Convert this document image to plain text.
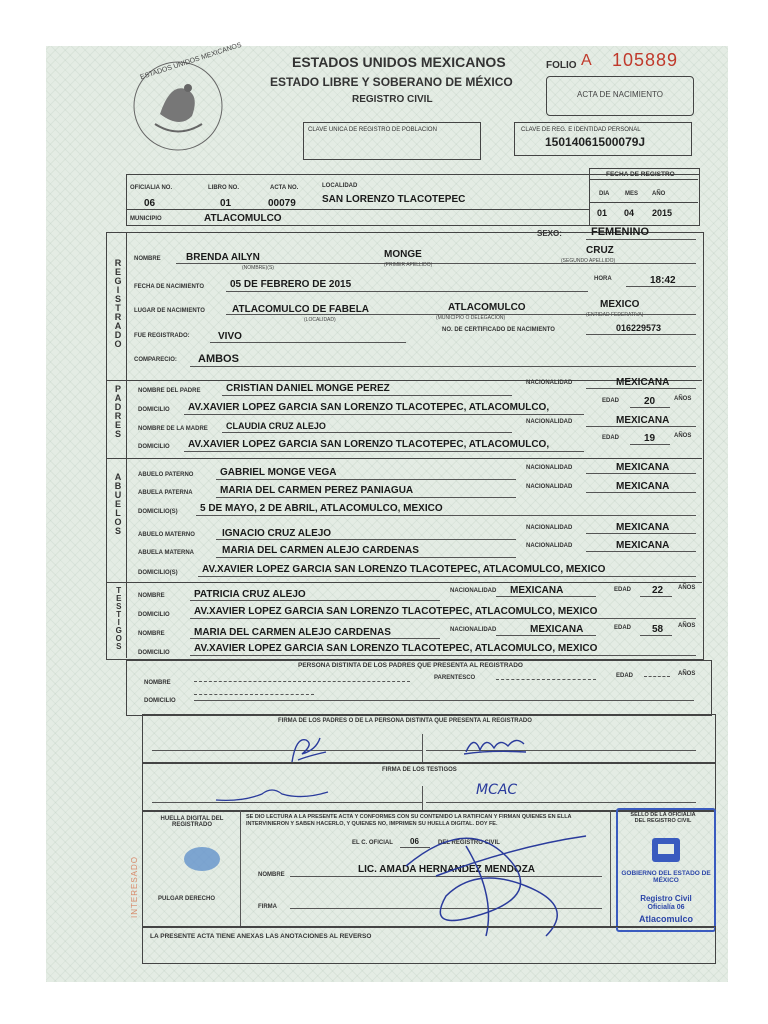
ESTADOS UNIDOS MEXICANOS	ESTADOS UNIDOS MEXICANOS
ESTADO LIBRE Y SOBERANO DE MÉXICO
REGISTRO CIVIL
FOLIO A 105889
ACTA DE NACIMIENTO
CLAVE UNICA DE REGISTRO DE POBLACION	CLAVE DE REG. E IDENTIDAD PERSONAL
15014061500079J
FECHA DE REGISTRO
DIA	MES AÑO
01 04 2015
OFICIALIA NO.
06
LIBRO NO.
01
ACTA NO.
00079
LOCALIDAD
SAN LORENZO TLACOTEPEC
MUNICIPIO	ATLACOMULCO
REGISTRADO
SEXO:	FEMENINO
NOMBRE	BRENDA AILYN	MONGE	CRUZ
(NOMBRE)(S)	(PRIMER APELLIDO)
(SEGUNDO APELLIDO)
FECHA DE NACIMIENTO	05 DE FEBRERO DE 2015	HORA	18:42
LUGAR DE NACIMIENTO	ATLACOMULCO DE FABELA	ATLACOMULCO	MEXICO
(LOCALIDAD)	(MUNICIPIO O DELEGACION)	(ENTIDAD FEDERATIVA)
FUE REGISTRADO:	VIVO
NO. DE CERTIFICADO DE NACIMIENTO	016229573
COMPARECIO: AMBOS
PADRES	NOMBRE DEL PADRE	CRISTIAN DANIEL MONGE PEREZ	NACIONALIDAD	MEXICANA
DOMICILIO AV.XAVIER LOPEZ GARCIA SAN LORENZO TLACOTEPEC, ATLACOMULCO,
EDAD 20	AÑOS
NOMBRE DE LA MADRE CLAUDIA CRUZ ALEJO	NACIONALIDAD	MEXICANA
DOMICILIO AV.XAVIER LOPEZ GARCIA SAN LORENZO TLACOTEPEC, ATLACOMULCO,
EDAD 19	AÑOS
ABUELOS	ABUELO PATERNO	GABRIEL MONGE VEGA	NACIONALIDAD	MEXICANA
ABUELA PATERNA	MARIA DEL CARMEN PEREZ PANIAGUA	NACIONALIDAD	MEXICANA
DOMICILIO(S) 5 DE MAYO, 2 DE ABRIL, ATLACOMULCO, MEXICO
ABUELO MATERNO	IGNACIO CRUZ ALEJO	NACIONALIDAD	MEXICANA
ABUELA MATERNA	MARIA DEL CARMEN ALEJO CARDENAS	NACIONALIDAD	MEXICANA
DOMICILIO(S) AV.XAVIER LOPEZ GARCIA SAN LORENZO TLACOTEPEC, ATLACOMULCO, MEXICO
TESTIGOS NOMBRE	PATRICIA CRUZ ALEJO	NACIONALIDAD MEXICANA	EDAD 22 AÑOS
DOMICILIO AV.XAVIER LOPEZ GARCIA SAN LORENZO TLACOTEPEC, ATLACOMULCO, MEXICO
NOMBRE	MARIA DEL CARMEN ALEJO CARDENAS	NACIONALIDAD	MEXICANA	EDAD 58 AÑOS
DOMICILIO AV.XAVIER LOPEZ GARCIA SAN LORENZO TLACOTEPEC, ATLACOMULCO, MEXICO
PERSONA DISTINTA DE LOS PADRES QUE PRESENTA AL REGISTRADO
NOMBRE
PARENTESCO	EDAD	AÑOS
DOMICILIO
FIRMA DE LOS PADRES O DE LA PERSONA DISTINTA QUE PRESENTA AL REGISTRADO
FIRMA DE LOS TESTIGOS
MCAC
HUELLA DIGITAL DEL REGISTRADO
PULGAR DERECHO
SE DIO LECTURA A LA PRESENTE ACTA Y CONFORMES CON SU CONTENIDO LA RATIFICAN Y FIRMAN QUIENES EN ELLA INTERVINIERON Y SABEN HACERLO, Y QUIENES NO, IMPRIMEN SU HUELLA DIGITAL. DOY FE.
EL C. OFICIAL 06	DEL REGISTRO CIVIL
NOMBRE	LIC. AMADA HERNANDEZ MENDOZA
FIRMA
SELLO DE LA OFICIALIA DEL REGISTRO CIVIL
GOBIERNO DEL ESTADO DE MÉXICO
Registro Civil
Oficialía 06
Atlacomulco
INTERESADO
LA PRESENTE ACTA TIENE ANEXAS LAS ANOTACIONES AL REVERSO
